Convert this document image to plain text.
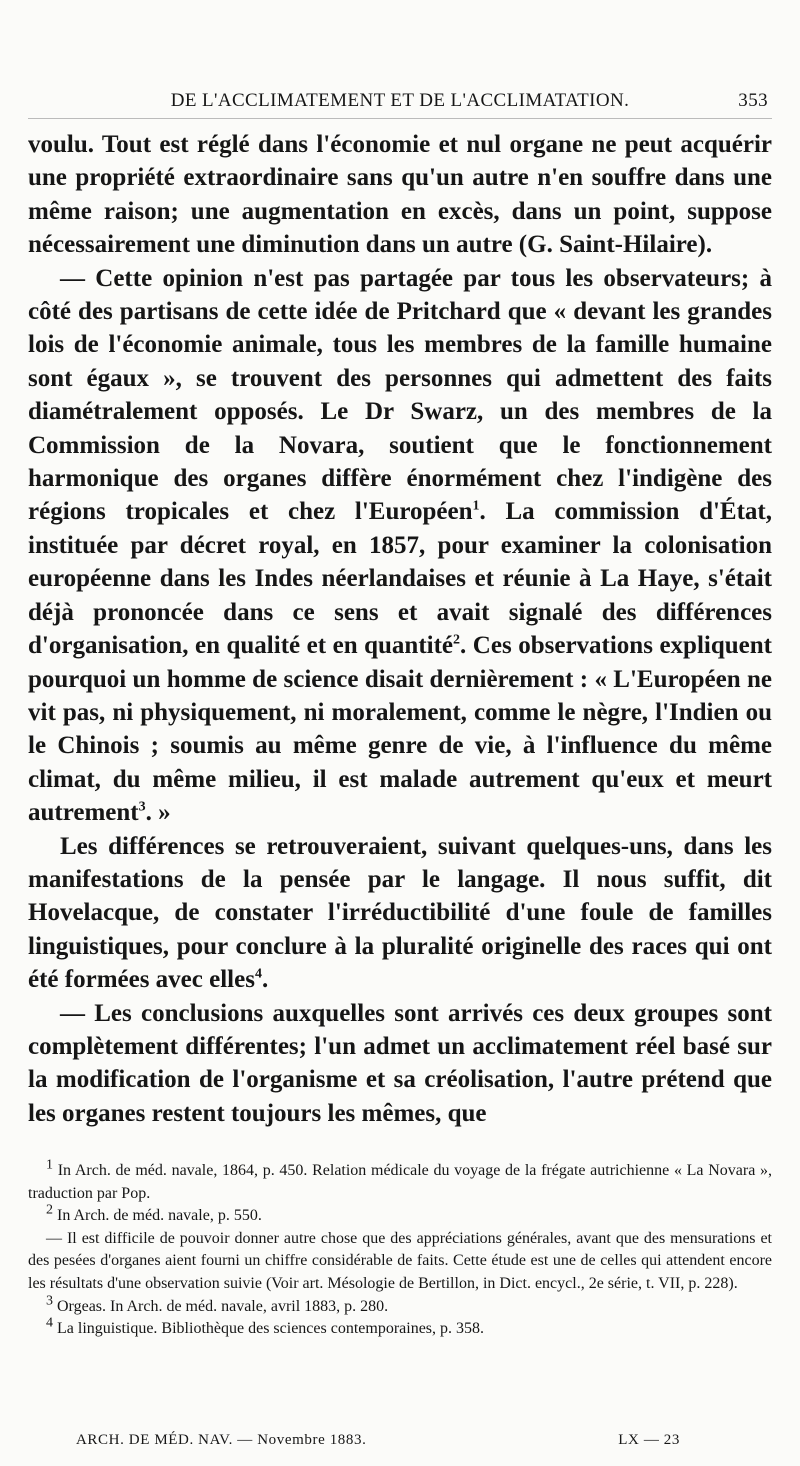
DE L'ACCLIMATEMENT ET DE L'ACCLIMATATION.	353

voulu. Tout est réglé dans l'économie et nul organe ne peut acquérir une propriété extraordinaire sans qu'un autre n'en souffre dans une même raison; une augmentation en excès, dans un point, suppose nécessairement une diminution dans un autre (G. Saint-Hilaire).

— Cette opinion n'est pas partagée par tous les observateurs; à côté des partisans de cette idée de Pritchard que « devant les grandes lois de l'économie animale, tous les membres de la famille humaine sont égaux », se trouvent des personnes qui admettent des faits diamétralement opposés. Le Dr Swarz, un des membres de la Commission de la Novara, soutient que le fonctionnement harmonique des organes diffère énormément chez l'indigène des régions tropicales et chez l'Européen$^1$. La commission d'État, instituée par décret royal, en 1857, pour examiner la colonisation européenne dans les Indes néerlandaises et réunie à La Haye, s'était déjà prononcée dans ce sens et avait signalé des différences d'organisation, en qualité et en quantité$^2$. Ces observations expliquent pourquoi un homme de science disait dernièrement : « L'Européen ne vit pas, ni physiquement, ni moralement, comme le nègre, l'Indien ou le Chinois ; soumis au même genre de vie, à l'influence du même climat, du même milieu, il est malade autrement qu'eux et meurt autrement$^3$. »

Les différences se retrouveraient, suivant quelques-uns, dans les manifestations de la pensée par le langage. Il nous suffit, dit Hovelacque, de constater l'irréductibilité d'une foule de familles linguistiques, pour conclure à la pluralité originelle des races qui ont été formées avec elles$^4$.

— Les conclusions auxquelles sont arrivés ces deux groupes sont complètement différentes; l'un admet un acclimatement réel basé sur la modification de l'organisme et sa créolisation, l'autre prétend que les organes restent toujours les mêmes, que

$^1$ In Arch. de méd. navale, 1864, p. 450. Relation médicale du voyage de la frégate autrichienne « La Novara », traduction par Pop.

$^2$ In Arch. de méd. navale, p. 550.

— Il est difficile de pouvoir donner autre chose que des appréciations générales, avant que des mensurations et des pesées d'organes aient fourni un chiffre considérable de faits. Cette étude est une de celles qui attendent encore les résultats d'une observation suivie (Voir art. Mésologie de Bertillon, in Dict. encycl., 2e série, t. VII, p. 228).

$^3$ Orgeas. In Arch. de méd. navale, avril 1883, p. 280.

$^4$ La linguistique. Bibliothèque des sciences contemporaines, p. 358.

ARCH. DE MÉD. NAV. — Novembre 1883.	LX — 23
